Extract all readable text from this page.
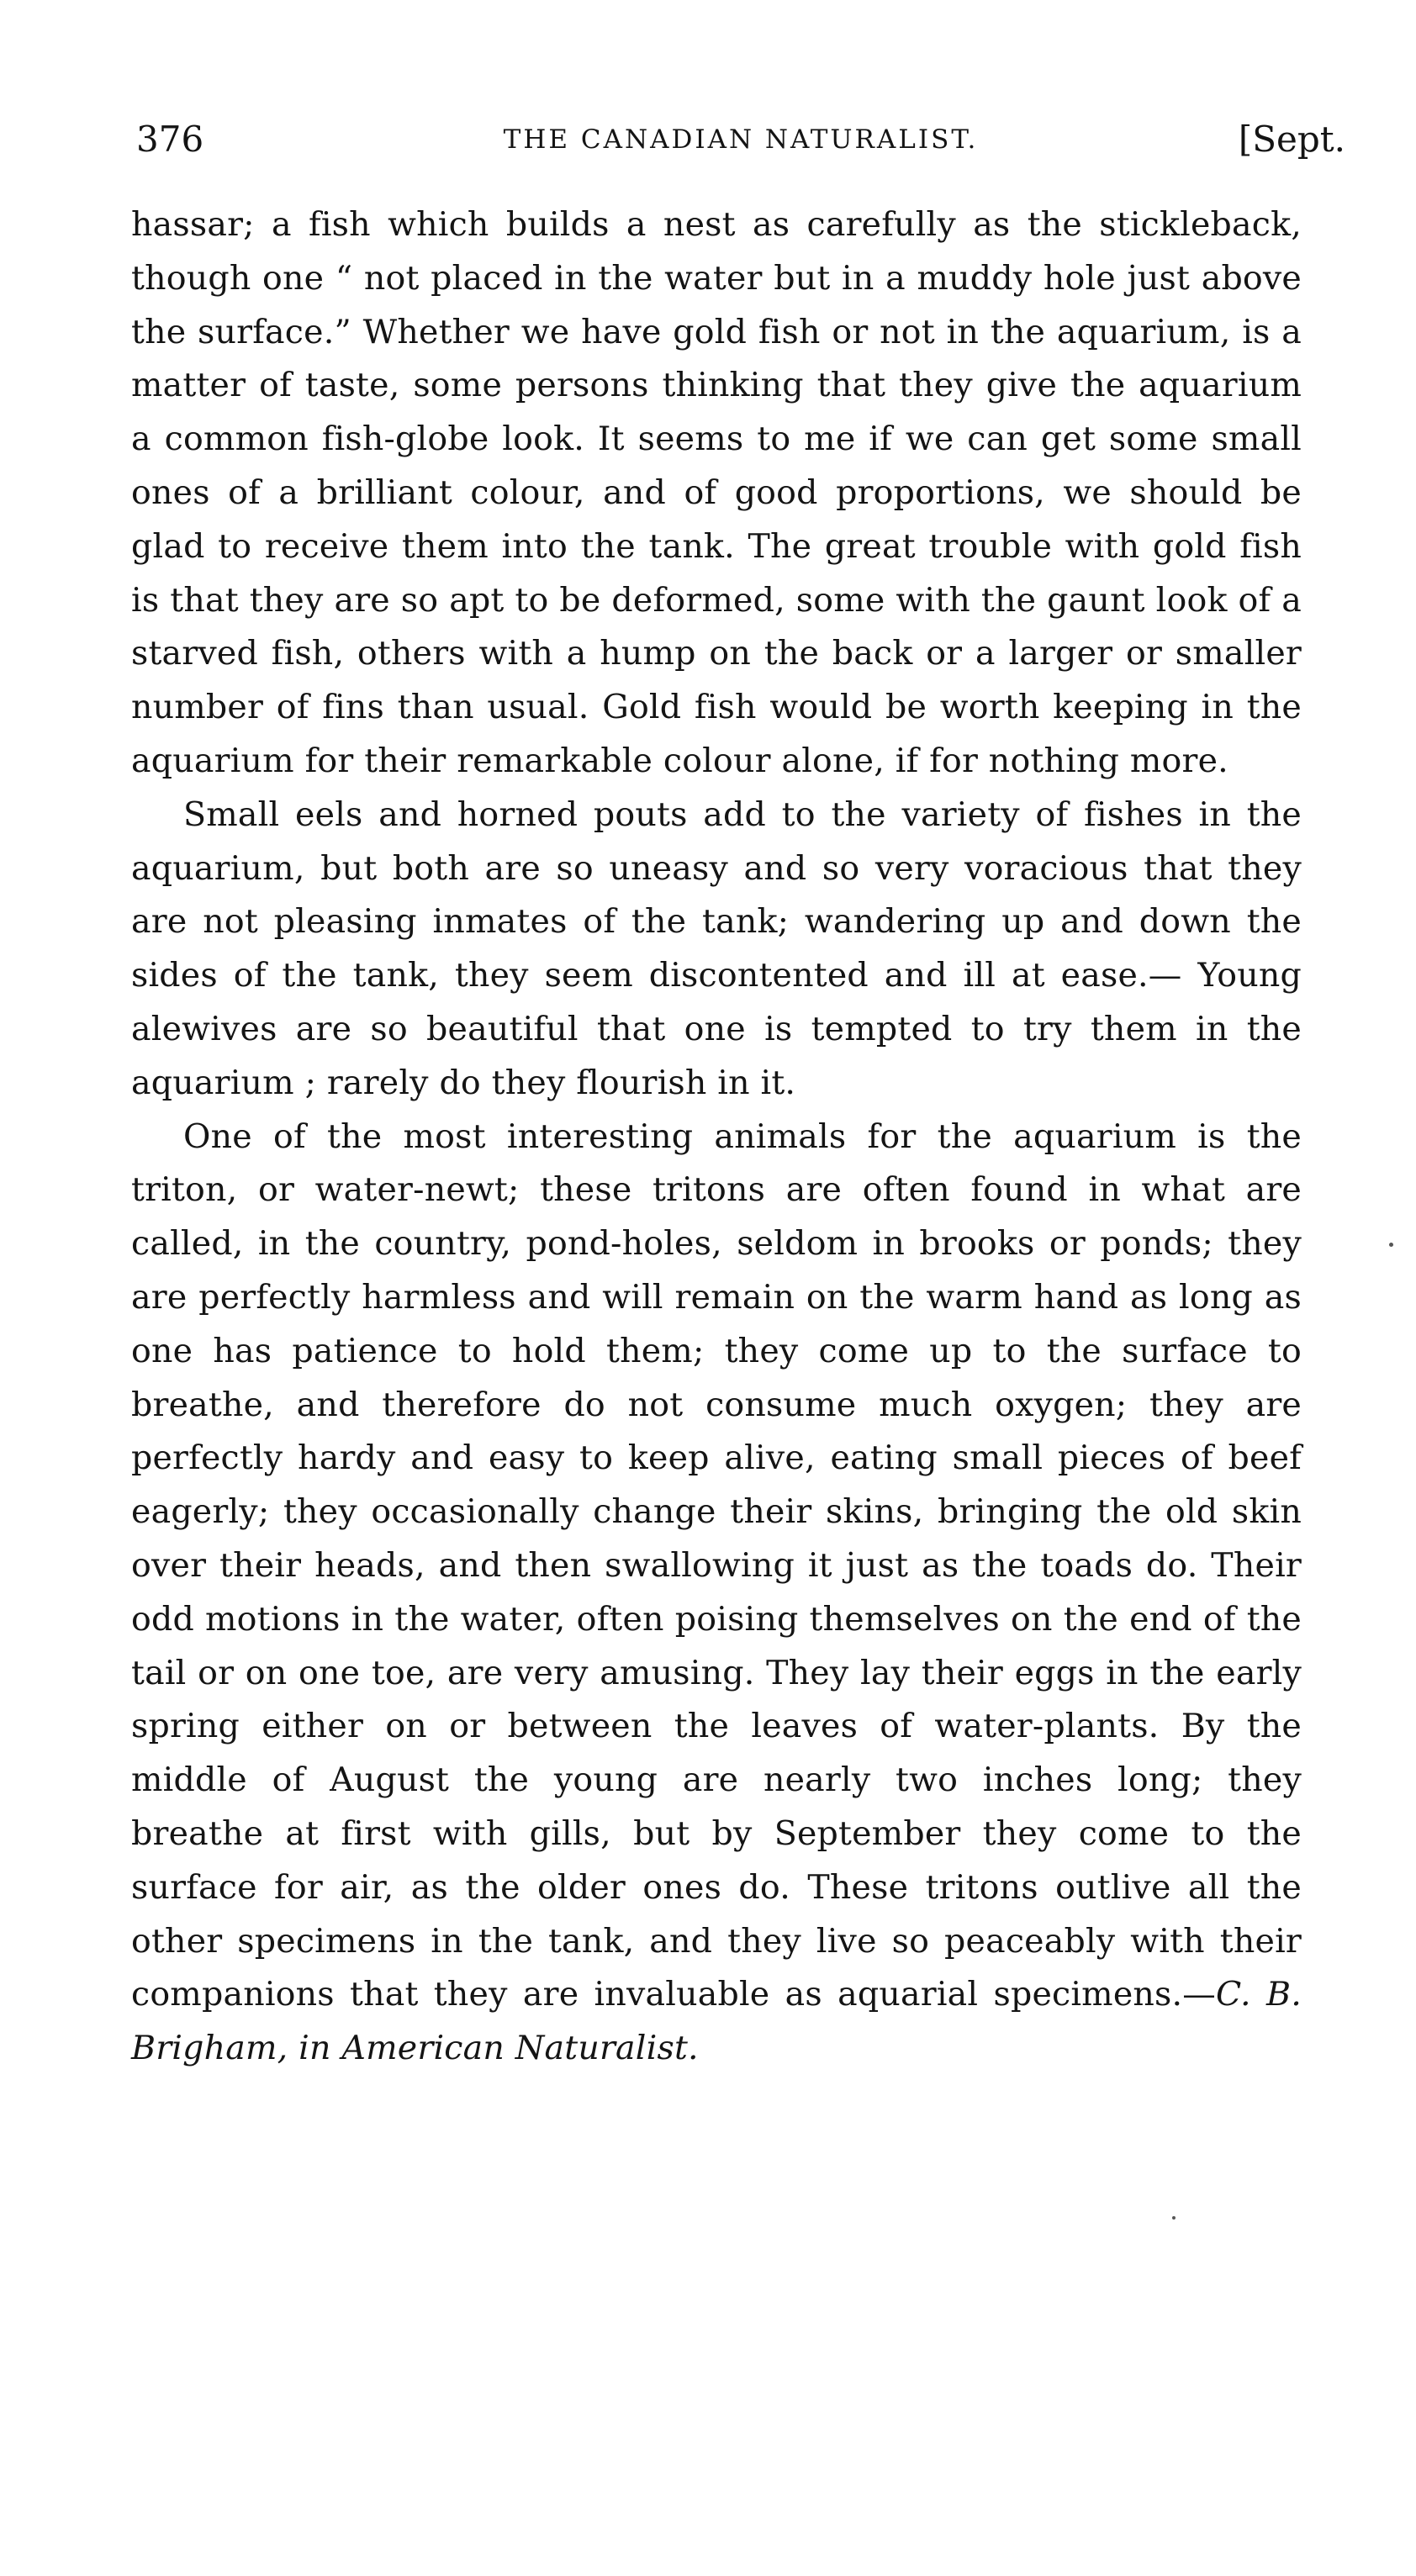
376	THE CANADIAN NATURALIST.	[Sept.

hassar; a fish which builds a nest as carefully as the stickleback, though one “ not placed in the water but in a muddy hole just above the surface.” Whether we have gold fish or not in the aquarium, is a matter of taste, some persons thinking that they give the aquarium a common fish-globe look. It seems to me if we can get some small ones of a brilliant colour, and of good proportions, we should be glad to receive them into the tank. The great trouble with gold fish is that they are so apt to be deformed, some with the gaunt look of a starved fish, others with a hump on the back or a larger or smaller number of fins than usual. Gold fish would be worth keeping in the aquarium for their remarkable colour alone, if for nothing more.

Small eels and horned pouts add to the variety of fishes in the aquarium, but both are so uneasy and so very voracious that they are not pleasing inmates of the tank; wandering up and down the sides of the tank, they seem discontented and ill at ease.— Young alewives are so beautiful that one is tempted to try them in the aquarium ; rarely do they flourish in it.

One of the most interesting animals for the aquarium is the triton, or water-newt; these tritons are often found in what are called, in the country, pond-holes, seldom in brooks or ponds; they are perfectly harmless and will remain on the warm hand as long as one has patience to hold them; they come up to the surface to breathe, and therefore do not consume much oxygen; they are perfectly hardy and easy to keep alive, eating small pieces of beef eagerly; they occasionally change their skins, bringing the old skin over their heads, and then swallowing it just as the toads do. Their odd motions in the water, often poising themselves on the end of the tail or on one toe, are very amusing. They lay their eggs in the early spring either on or between the leaves of water-plants. By the middle of August the young are nearly two inches long; they breathe at first with gills, but by September they come to the surface for air, as the older ones do. These tritons outlive all the other specimens in the tank, and they live so peaceably with their companions that they are invaluable as aquarial specimens.—C. B. Brigham, in American Naturalist.
